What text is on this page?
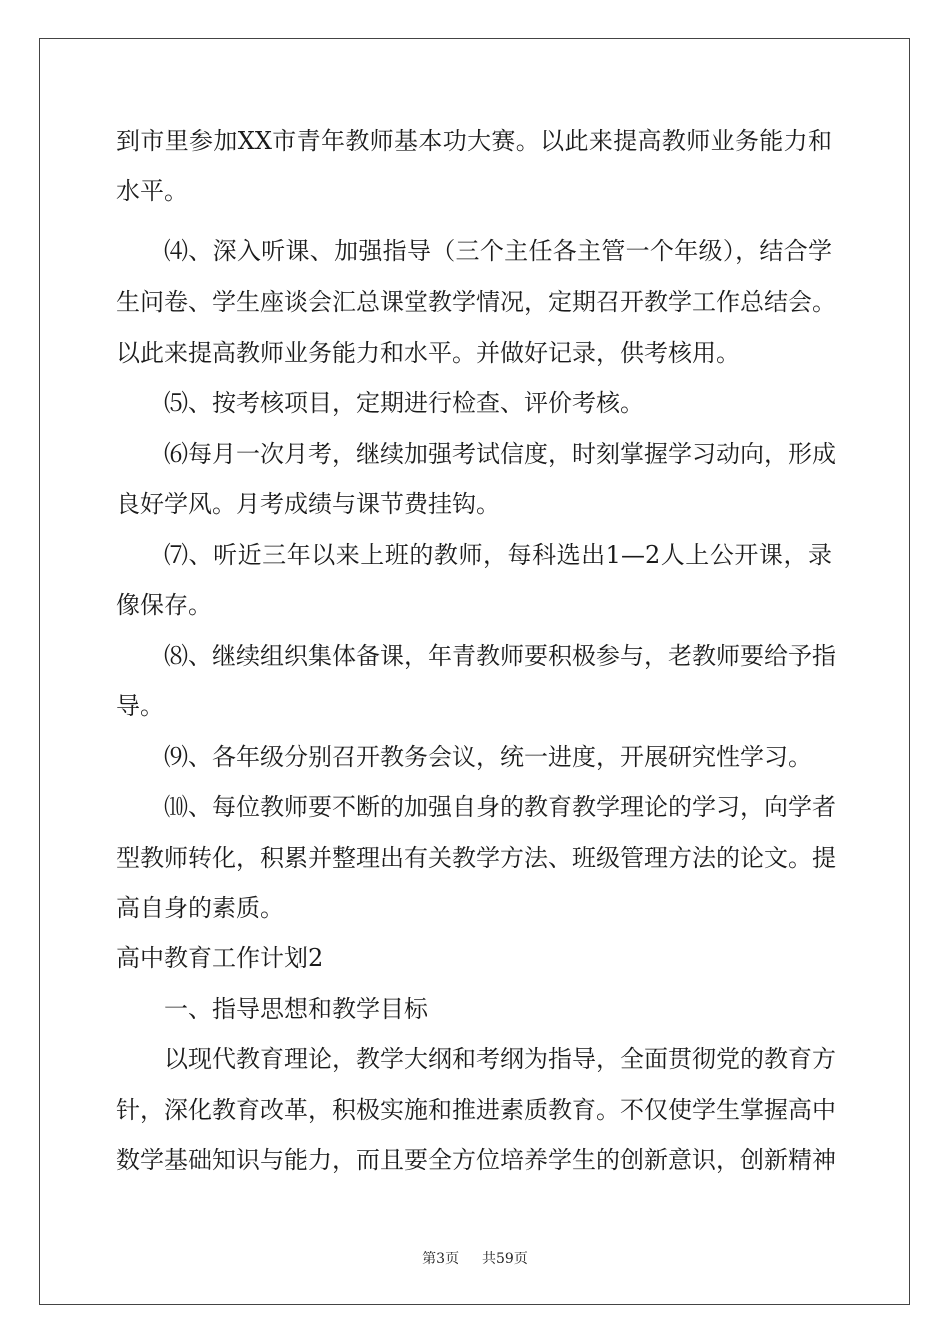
到市里参加XX市青年教师基本功大赛。以此来提高教师业务能力和
水平。
⑷、深入听课、加强指导（三个主任各主管一个年级），结合学
生问卷、学生座谈会汇总课堂教学情况，定期召开教学工作总结会。
以此来提高教师业务能力和水平。并做好记录，供考核用。
⑸、按考核项目，定期进行检查、评价考核。
⑹每月一次月考，继续加强考试信度，时刻掌握学习动向，形成
良好学风。月考成绩与课节费挂钩。
⑺、听近三年以来上班的教师，每科选出1—2人上公开课，录
像保存。
⑻、继续组织集体备课，年青教师要积极参与，老教师要给予指
导。
⑼、各年级分别召开教务会议，统一进度，开展研究性学习。
⑽、每位教师要不断的加强自身的教育教学理论的学习，向学者
型教师转化，积累并整理出有关教学方法、班级管理方法的论文。提
高自身的素质。
高中教育工作计划2
一、指导思想和教学目标
以现代教育理论，教学大纲和考纲为指导，全面贯彻党的教育方
针，深化教育改革，积极实施和推进素质教育。不仅使学生掌握高中
数学基础知识与能力，而且要全方位培养学生的创新意识，创新精神
第3页 共59页
